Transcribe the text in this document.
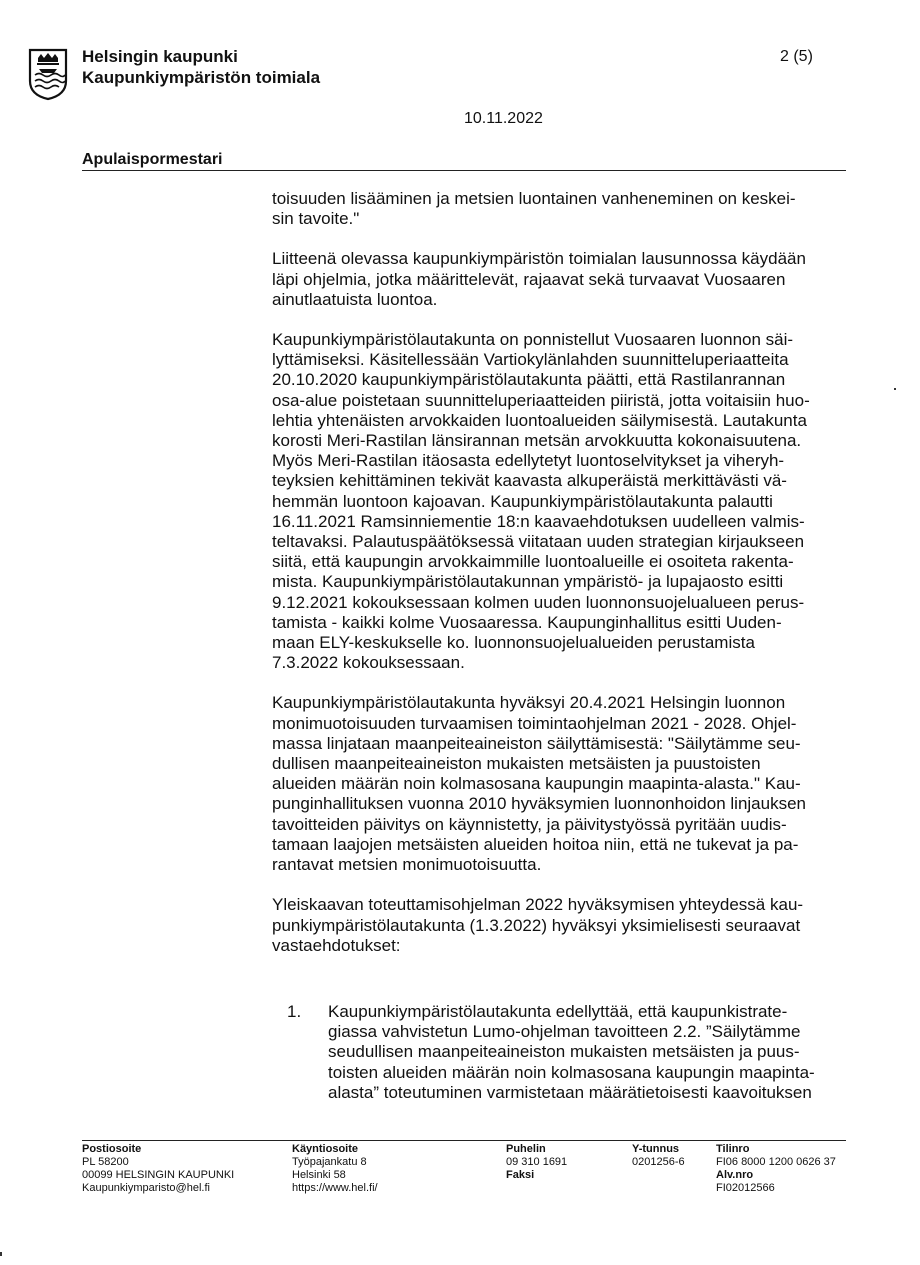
Helsingin kaupunki
Kaupunkiympäristön toimiala
2 (5)
10.11.2022
Apulaispormestari

toisuuden lisääminen ja metsien luontainen vanheneminen on keskei-
sin tavoite."

Liitteenä olevassa kaupunkiympäristön toimialan lausunnossa käydään
läpi ohjelmia, jotka määrittelevät, rajaavat sekä turvaavat Vuosaaren
ainutlaatuista luontoa.

Kaupunkiympäristölautakunta on ponnistellut Vuosaaren luonnon säi-
lyttämiseksi. Käsitellessään Vartiokylänlahden suunnitteluperiaatteita
20.10.2020 kaupunkiympäristölautakunta päätti, että Rastilanrannan
osa-alue poistetaan suunnitteluperiaatteiden piiristä, jotta voitaisiin huo-
lehtia yhtenäisten arvokkaiden luontoalueiden säilymisestä. Lautakunta
korosti Meri-Rastilan länsirannan metsän arvokkuutta kokonaisuutena.
Myös Meri-Rastilan itäosasta edellytetyt luontoselvitykset ja viheryh-
teyksien kehittäminen tekivät kaavasta alkuperäistä merkittävästi vä-
hemmän luontoon kajoavan. Kaupunkiympäristölautakunta palautti
16.11.2021 Ramsinniementie 18:n kaavaehdotuksen uudelleen valmis-
teltavaksi. Palautuspäätöksessä viitataan uuden strategian kirjaukseen
siitä, että kaupungin arvokkaimmille luontoalueille ei osoiteta rakenta-
mista. Kaupunkiympäristölautakunnan ympäristö- ja lupajaosto esitti
9.12.2021 kokouksessaan kolmen uuden luonnonsuojelualueen perus-
tamista - kaikki kolme Vuosaaressa. Kaupunginhallitus esitti Uuden-
maan ELY-keskukselle ko. luonnonsuojelualueiden perustamista
7.3.2022 kokouksessaan.

Kaupunkiympäristölautakunta hyväksyi 20.4.2021 Helsingin luonnon
monimuotoisuuden turvaamisen toimintaohjelman 2021 - 2028. Ohjel-
massa linjataan maanpeiteaineiston säilyttämisestä: "Säilytämme seu-
dullisen maanpeiteaineiston mukaisten metsäisten ja puustoisten
alueiden määrän noin kolmasosana kaupungin maapinta-alasta." Kau-
punginhallituksen vuonna 2010 hyväksymien luonnonhoidon linjauksen
tavoitteiden päivitys on käynnistetty, ja päivitystyössä pyritään uudis-
tamaan laajojen metsäisten alueiden hoitoa niin, että ne tukevat ja pa-
rantavat metsien monimuotoisuutta.

Yleiskaavan toteuttamisohjelman 2022 hyväksymisen yhteydessä kau-
punkiympäristölautakunta (1.3.2022) hyväksyi yksimielisesti seuraavat
vastaehdotukset:

1. Kaupunkiympäristölautakunta edellyttää, että kaupunkistrate-
giassa vahvistetun Lumo-ohjelman tavoitteen 2.2. ”Säilytämme
seudullisen maanpeiteaineiston mukaisten metsäisten ja puus-
toisten alueiden määrän noin kolmasosana kaupungin maapinta-
alasta” toteutuminen varmistetaan määrätietoisesti kaavoituksen
Postiosoite
PL 58200
00099 HELSINGIN KAUPUNKI
Kaupunkiymparisto@hel.fi
Käyntiosoite
Työpajankatu 8
Helsinki 58
https://www.hel.fi/
Puhelin
09 310 1691
Faksi
Y-tunnus
0201256-6
Tilinro
FI06 8000 1200 0626 37
Alv.nro
FI02012566
